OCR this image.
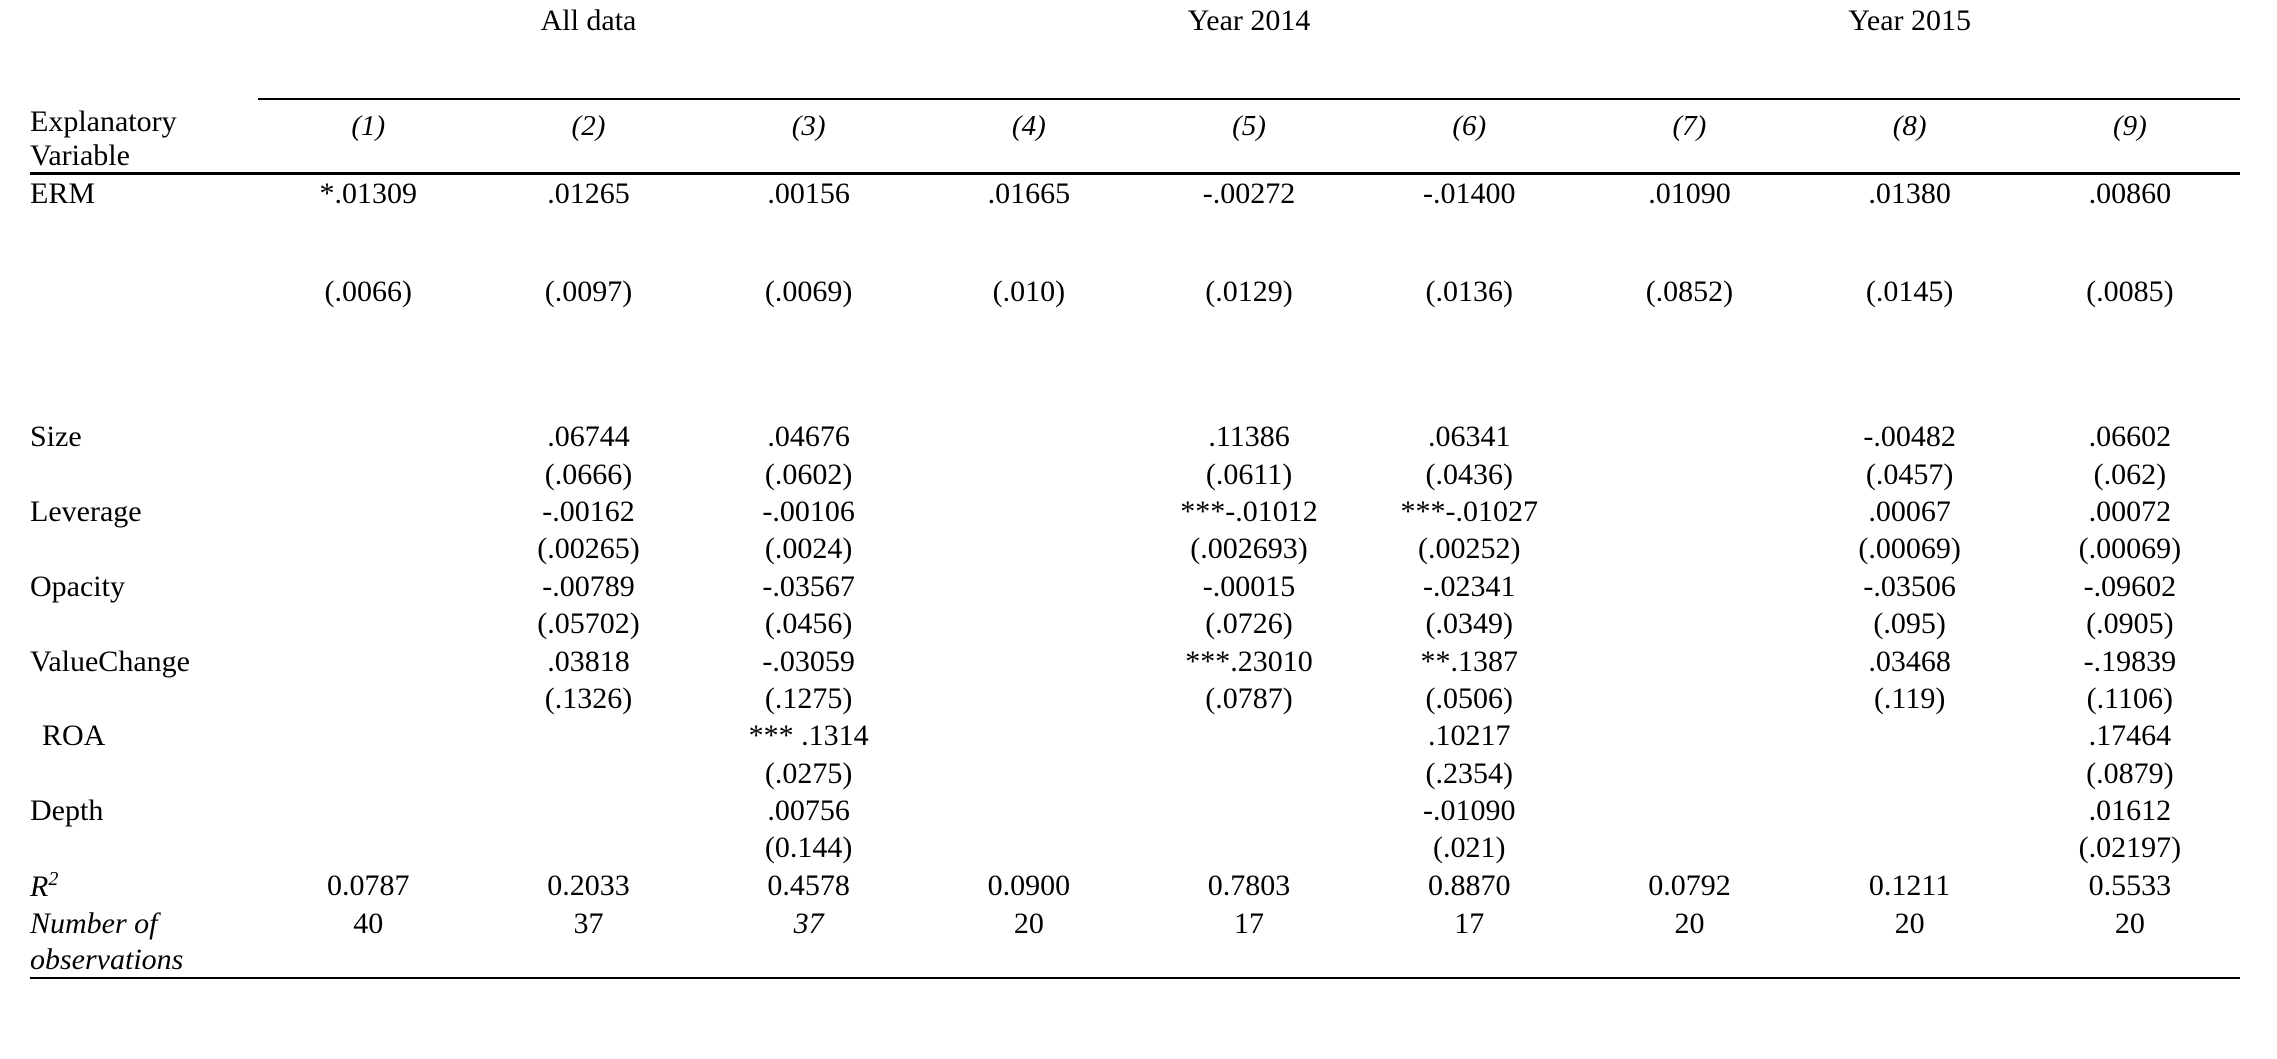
	All data			Year 2014			Year 2015		

Explanatory
Variable	(1)	(2)	(3)	(4)	(5)	(6)	(7)	(8)	(9)

ERM	*.01309	.01265	.00156	.01665	-.00272	-.01400	.01090	.01380	.00860
	(.0066)	(.0097)	(.0069)	(.010)	(.0129)	(.0136)	(.0852)	(.0145)	(.0085)

Size		.06744	.04676		.11386	.06341		-.00482	.06602
		(.0666)	(.0602)		(.0611)	(.0436)		(.0457)	(.062)
Leverage		-.00162	-.00106		***-.01012	***-.01027		.00067	.00072
		(.00265)	(.0024)		(.002693)	(.00252)		(.00069)	(.00069)
Opacity		-.00789	-.03567		-.00015	-.02341		-.03506	-.09602
		(.05702)	(.0456)		(.0726)	(.0349)		(.095)	(.0905)
ValueChange		.03818	-.03059		***.23010	**.1387		.03468	-.19839
		(.1326)	(.1275)		(.0787)	(.0506)		(.119)	(.1106)
ROA			*** .1314			.10217			.17464
			(.0275)			(.2354)			(.0879)
Depth			.00756			-.01090			.01612
			(0.144)			(.021)			(.02197)
$R^2$	0.0787	0.2033	0.4578	0.0900	0.7803	0.8870	0.0792	0.1211	0.5533
Number of
observations	40	37	37	20	17	17	20	20	20
